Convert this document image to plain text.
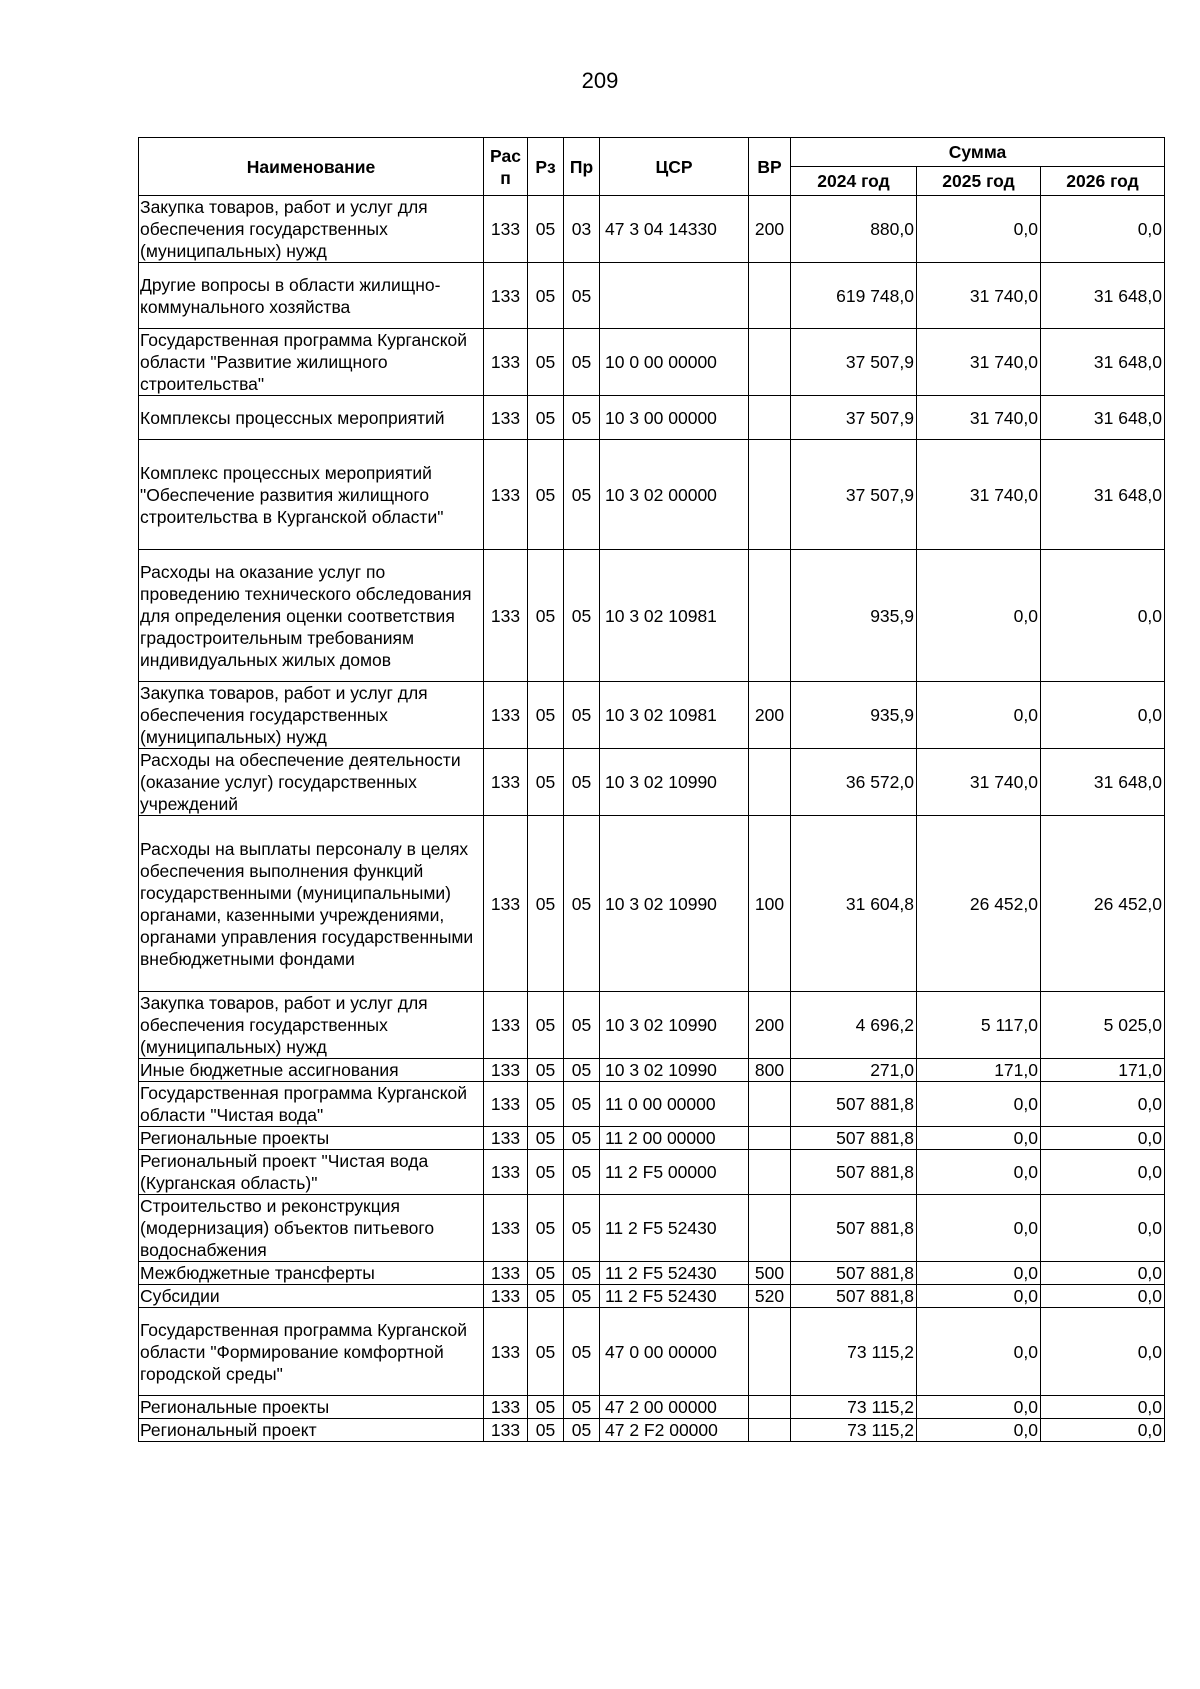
209
Наименование	Рас п	Рз	Пр	ЦСР	ВР	Сумма		
						2024 год	2025 год	2026 год
Закупка товаров, работ и услуг для обеспечения государственных (муниципальных) нужд	133	05	03	47 3 04 14330	200	880,0	0,0	0,0
Другие вопросы в области жилищно-коммунального хозяйства	133	05	05			619 748,0	31 740,0	31 648,0
Государственная программа Курганской области "Развитие жилищного строительства"	133	05	05	10 0 00 00000		37 507,9	31 740,0	31 648,0
Комплексы процессных мероприятий	133	05	05	10 3 00 00000		37 507,9	31 740,0	31 648,0
Комплекс процессных мероприятий "Обеспечение развития жилищного строительства в Курганской области"	133	05	05	10 3 02 00000		37 507,9	31 740,0	31 648,0
Расходы на оказание услуг по проведению технического обследования для определения оценки соответствия градостроительным требованиям индивидуальных жилых домов	133	05	05	10 3 02 10981		935,9	0,0	0,0
Закупка товаров, работ и услуг для обеспечения государственных (муниципальных) нужд	133	05	05	10 3 02 10981	200	935,9	0,0	0,0
Расходы на обеспечение деятельности (оказание услуг) государственных учреждений	133	05	05	10 3 02 10990		36 572,0	31 740,0	31 648,0
Расходы на выплаты персоналу в целях обеспечения выполнения функций государственными (муниципальными) органами, казенными учреждениями, органами управления государственными внебюджетными фондами	133	05	05	10 3 02 10990	100	31 604,8	26 452,0	26 452,0
Закупка товаров, работ и услуг для обеспечения государственных (муниципальных) нужд	133	05	05	10 3 02 10990	200	4 696,2	5 117,0	5 025,0
Иные бюджетные ассигнования	133	05	05	10 3 02 10990	800	271,0	171,0	171,0
Государственная программа Курганской области "Чистая вода"	133	05	05	11 0 00 00000		507 881,8	0,0	0,0
Региональные проекты	133	05	05	11 2 00 00000		507 881,8	0,0	0,0
Региональный проект "Чистая вода (Курганская область)"	133	05	05	11 2 F5 00000		507 881,8	0,0	0,0
Строительство и реконструкция (модернизация) объектов питьевого водоснабжения	133	05	05	11 2 F5 52430		507 881,8	0,0	0,0
Межбюджетные трансферты	133	05	05	11 2 F5 52430	500	507 881,8	0,0	0,0
Субсидии	133	05	05	11 2 F5 52430	520	507 881,8	0,0	0,0
Государственная программа Курганской области "Формирование комфортной городской среды"	133	05	05	47 0 00 00000		73 115,2	0,0	0,0
Региональные проекты	133	05	05	47 2 00 00000		73 115,2	0,0	0,0
Региональный проект	133	05	05	47 2 F2 00000		73 115,2	0,0	0,0
